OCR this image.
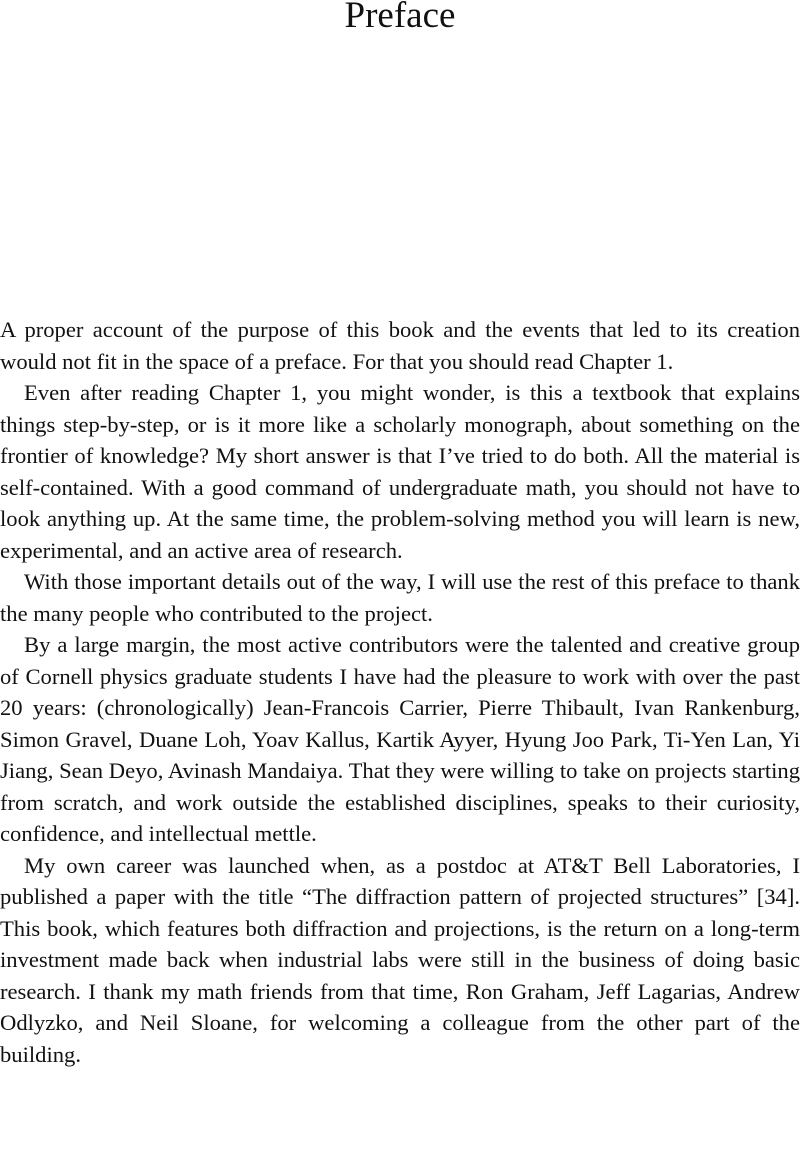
Preface

A proper account of the purpose of this book and the events that led to its creation would not fit in the space of a preface. For that you should read Chapter 1.

Even after reading Chapter 1, you might wonder, is this a textbook that explains things step-by-step, or is it more like a scholarly monograph, about something on the frontier of knowledge? My short answer is that I’ve tried to do both. All the material is self-contained. With a good command of undergraduate math, you should not have to look anything up. At the same time, the problem-solving method you will learn is new, experimental, and an active area of research.

With those important details out of the way, I will use the rest of this preface to thank the many people who contributed to the project.

By a large margin, the most active contributors were the talented and creative group of Cornell physics graduate students I have had the pleasure to work with over the past 20 years: (chronologically) Jean-Francois Carrier, Pierre Thibault, Ivan Rankenburg, Simon Gravel, Duane Loh, Yoav Kallus, Kartik Ayyer, Hyung Joo Park, Ti-Yen Lan, Yi Jiang, Sean Deyo, Avinash Mandaiya. That they were willing to take on projects starting from scratch, and work outside the established disciplines, speaks to their curiosity, confidence, and intellectual mettle.

My own career was launched when, as a postdoc at AT&T Bell Laboratories, I published a paper with the title “The diffraction pattern of projected structures” [34]. This book, which features both diffraction and projections, is the return on a long-term investment made back when industrial labs were still in the business of doing basic research. I thank my math friends from that time, Ron Graham, Jeff Lagarias, Andrew Odlyzko, and Neil Sloane, for welcoming a colleague from the other part of the building.
